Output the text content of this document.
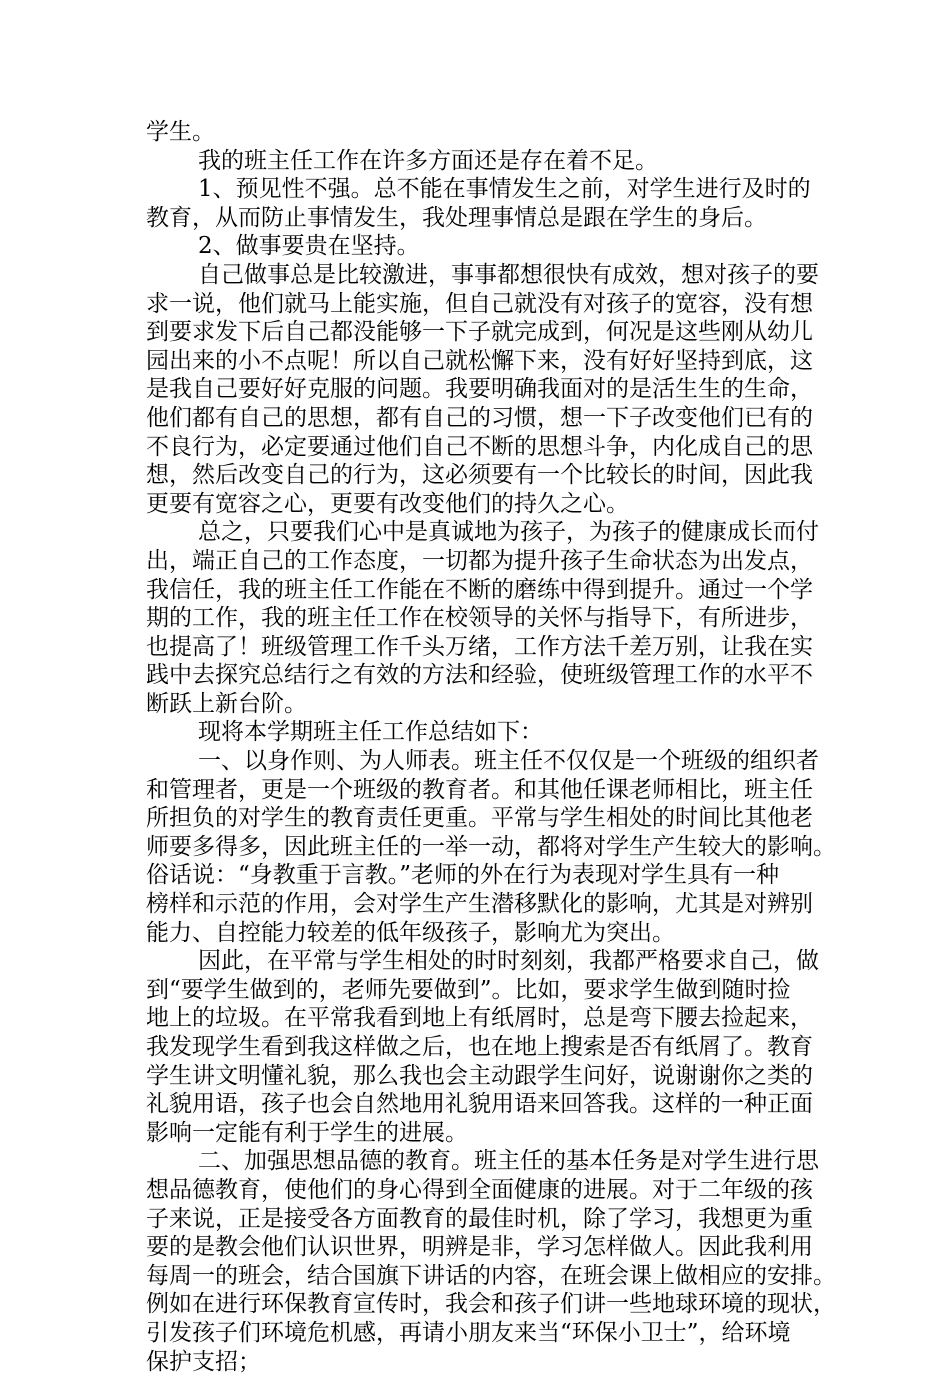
学生。
我的班主任工作在许多方面还是存在着不足。
1、预见性不强。总不能在事情发生之前，对学生进行及时的
教育，从而防止事情发生，我处理事情总是跟在学生的身后。
2、做事要贵在坚持。
自己做事总是比较激进，事事都想很快有成效，想对孩子的要
求一说，他们就马上能实施，但自己就没有对孩子的宽容，没有想
到要求发下后自己都没能够一下子就完成到，何况是这些刚从幼儿
园出来的小不点呢！所以自己就松懈下来，没有好好坚持到底，这
是我自己要好好克服的问题。我要明确我面对的是活生生的生命，
他们都有自己的思想，都有自己的习惯，想一下子改变他们已有的
不良行为，必定要通过他们自己不断的思想斗争，内化成自己的思
想，然后改变自己的行为，这必须要有一个比较长的时间，因此我
更要有宽容之心，更要有改变他们的持久之心。
总之，只要我们心中是真诚地为孩子，为孩子的健康成长而付
出，端正自己的工作态度，一切都为提升孩子生命状态为出发点，
我信任，我的班主任工作能在不断的磨练中得到提升。通过一个学
期的工作，我的班主任工作在校领导的关怀与指导下，有所进步，
也提高了！班级管理工作千头万绪，工作方法千差万别，让我在实
践中去探究总结行之有效的方法和经验，使班级管理工作的水平不
断跃上新台阶。
现将本学期班主任工作总结如下：
一、以身作则、为人师表。班主任不仅仅是一个班级的组织者
和管理者，更是一个班级的教育者。和其他任课老师相比，班主任
所担负的对学生的教育责任更重。平常与学生相处的时间比其他老
师要多得多，因此班主任的一举一动，都将对学生产生较大的影响。
俗话说：“身教重于言教。”老师的外在行为表现对学生具有一种
榜样和示范的作用，会对学生产生潜移默化的影响，尤其是对辨别
能力、自控能力较差的低年级孩子，影响尤为突出。
因此，在平常与学生相处的时时刻刻，我都严格要求自己，做
到“要学生做到的，老师先要做到”。比如，要求学生做到随时捡
地上的垃圾。在平常我看到地上有纸屑时，总是弯下腰去捡起来，
我发现学生看到我这样做之后，也在地上搜索是否有纸屑了。教育
学生讲文明懂礼貌，那么我也会主动跟学生问好，说谢谢你之类的
礼貌用语，孩子也会自然地用礼貌用语来回答我。这样的一种正面
影响一定能有利于学生的进展。
二、加强思想品德的教育。班主任的基本任务是对学生进行思
想品德教育，使他们的身心得到全面健康的进展。对于二年级的孩
子来说，正是接受各方面教育的最佳时机，除了学习，我想更为重
要的是教会他们认识世界，明辨是非，学习怎样做人。因此我利用
每周一的班会，结合国旗下讲话的内容，在班会课上做相应的安排。
例如在进行环保教育宣传时，我会和孩子们讲一些地球环境的现状，
引发孩子们环境危机感，再请小朋友来当“环保小卫士”，给环境
保护支招；
